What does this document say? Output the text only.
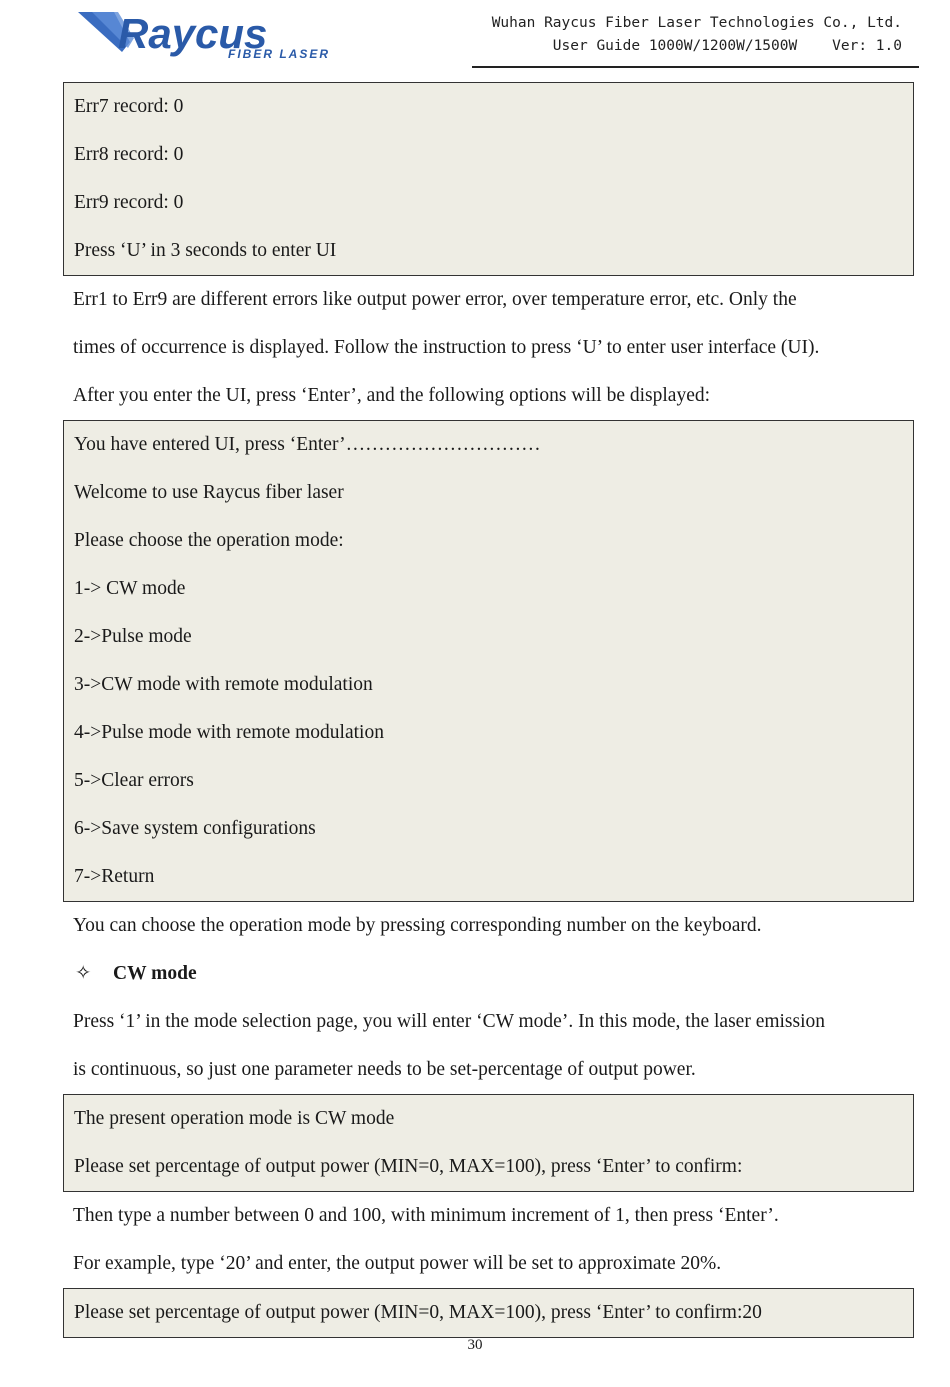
Raycus
FIBER LASER
Wuhan Raycus Fiber Laser Technologies Co., Ltd.
User Guide 1000W/1200W/1500W Ver: 1.0
Err7 record: 0
Err8 record: 0
Err9 record: 0
Press ‘U’ in 3 seconds to enter UI
Err1 to Err9 are different errors like output power error, over temperature error, etc. Only the
times of occurrence is displayed. Follow the instruction to press ‘U’ to enter user interface (UI).
After you enter the UI, press ‘Enter’, and the following options will be displayed:
You have entered UI, press ‘Enter’…………………………
Welcome to use Raycus fiber laser
Please choose the operation mode:
1-> CW mode
2->Pulse mode
3->CW mode with remote modulation
4->Pulse mode with remote modulation
5->Clear errors
6->Save system configurations
7->Return
You can choose the operation mode by pressing corresponding number on the keyboard.
✧ CW mode
Press ‘1’ in the mode selection page, you will enter ‘CW mode’. In this mode, the laser emission
is continuous, so just one parameter needs to be set-percentage of output power.
The present operation mode is CW mode
Please set percentage of output power (MIN=0, MAX=100), press ‘Enter’ to confirm:
Then type a number between 0 and 100, with minimum increment of 1, then press ‘Enter’.
For example, type ‘20’ and enter, the output power will be set to approximate 20%.
Please set percentage of output power (MIN=0, MAX=100), press ‘Enter’ to confirm:20
30
